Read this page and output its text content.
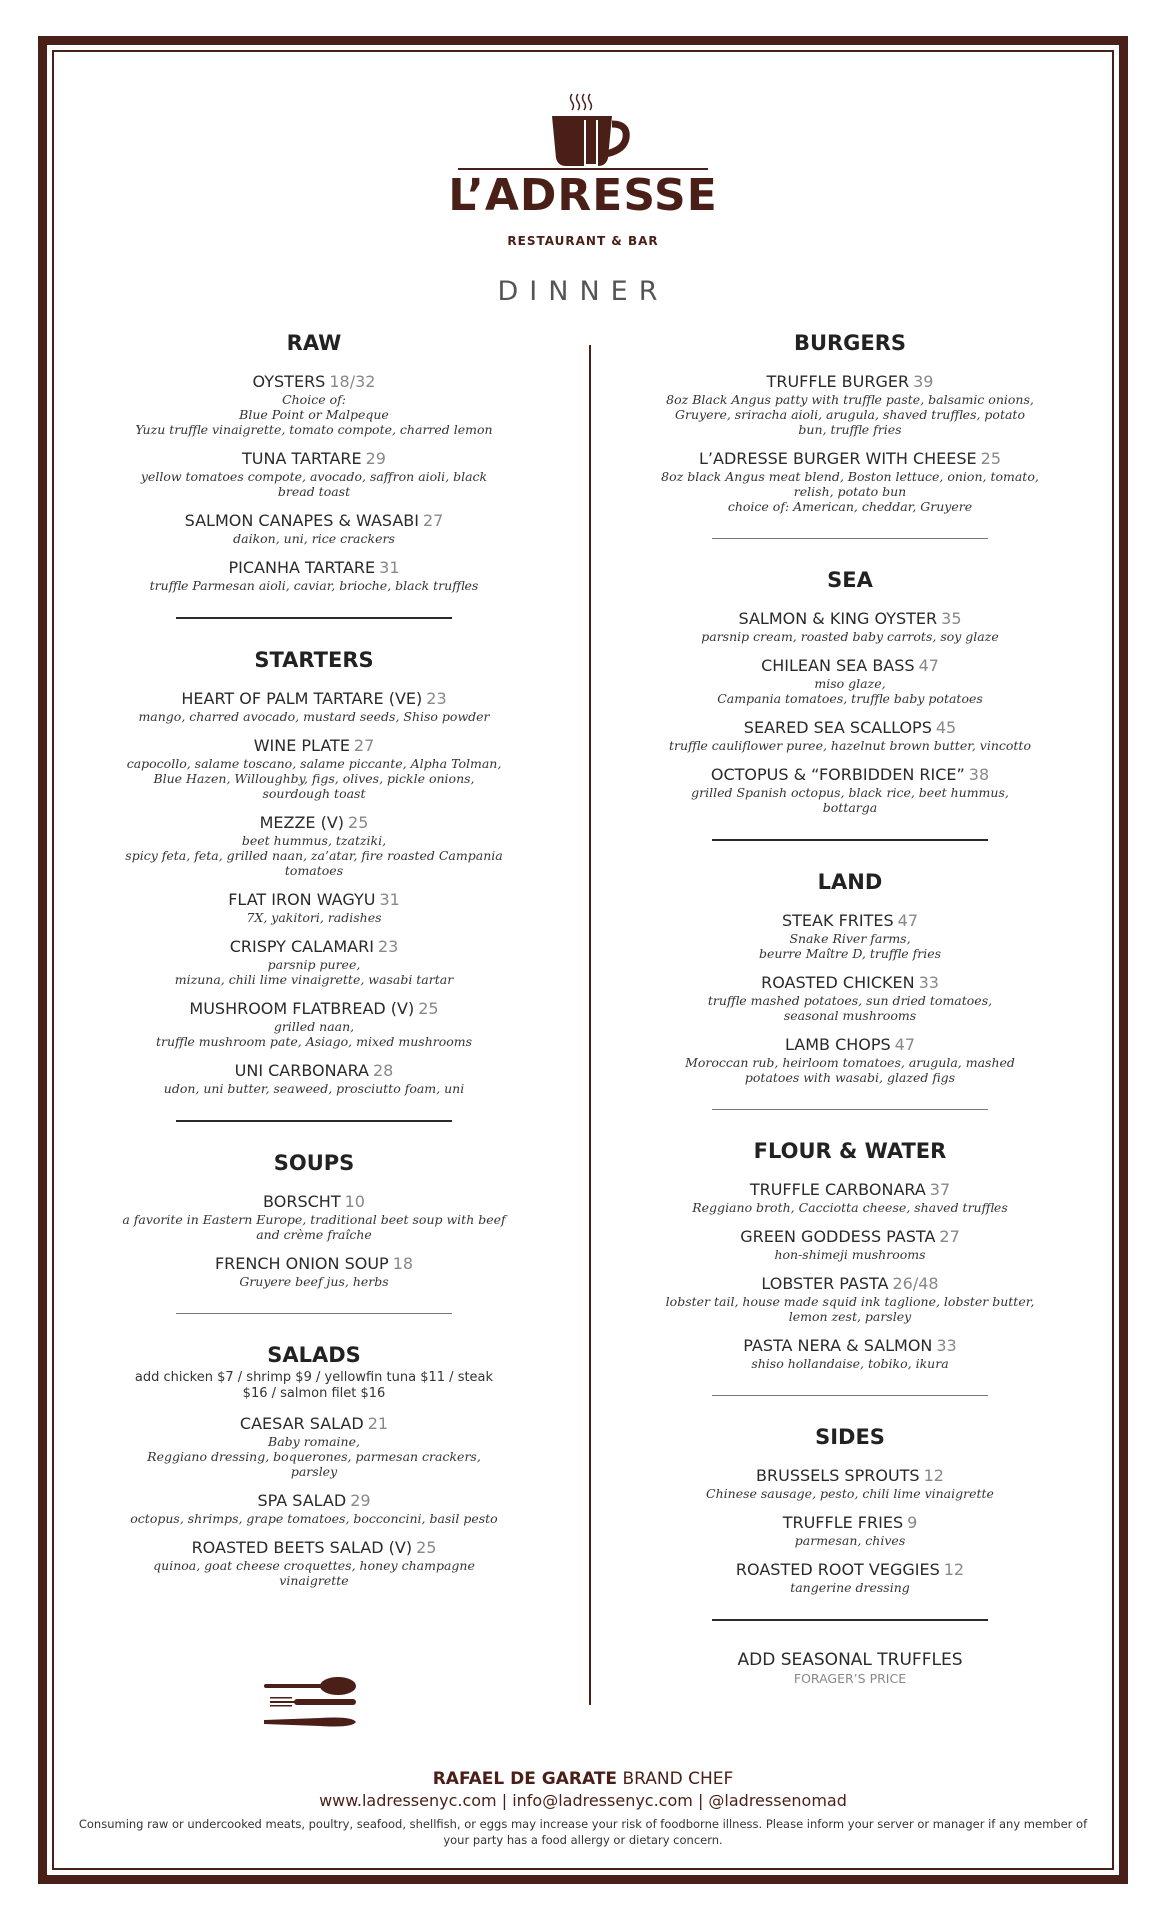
L’ADRESSE
RESTAURANT & BAR
DINNER
RAW
OYSTERS 18/32
Choice of:
Blue Point or Malpeque
Yuzu truffle vinaigrette, tomato compote, charred lemon
TUNA TARTARE 29
yellow tomatoes compote, avocado, saffron aioli, black
bread toast
SALMON CANAPES & WASABI 27
daikon, uni, rice crackers
PICANHA TARTARE 31
truffle Parmesan aioli, caviar, brioche, black truffles
STARTERS
HEART OF PALM TARTARE (VE) 23
mango, charred avocado, mustard seeds, Shiso powder
WINE PLATE 27
capocollo, salame toscano, salame piccante, Alpha Tolman,
Blue Hazen, Willoughby, figs, olives, pickle onions,
sourdough toast
MEZZE (V) 25
beet hummus, tzatziki,
spicy feta, feta, grilled naan, za’atar, fire roasted Campania
tomatoes
FLAT IRON WAGYU 31
7X, yakitori, radishes
CRISPY CALAMARI 23
parsnip puree,
mizuna, chili lime vinaigrette, wasabi tartar
MUSHROOM FLATBREAD (V) 25
grilled naan,
truffle mushroom pate, Asiago, mixed mushrooms
UNI CARBONARA 28
udon, uni butter, seaweed, prosciutto foam, uni
SOUPS
BORSCHT 10
a favorite in Eastern Europe, traditional beet soup with beef
and crème fraîche
FRENCH ONION SOUP 18
Gruyere beef jus, herbs
SALADS
add chicken $7 / shrimp $9 / yellowfin tuna $11 / steak
$16 / salmon filet $16
CAESAR SALAD 21
Baby romaine,
Reggiano dressing, boquerones, parmesan crackers,
parsley
SPA SALAD 29
octopus, shrimps, grape tomatoes, bocconcini, basil pesto
ROASTED BEETS SALAD (V) 25
quinoa, goat cheese croquettes, honey champagne
vinaigrette
BURGERS
TRUFFLE BURGER 39
8oz Black Angus patty with truffle paste, balsamic onions,
Gruyere, sriracha aioli, arugula, shaved truffles, potato
bun, truffle fries
L’ADRESSE BURGER WITH CHEESE 25
8oz black Angus meat blend, Boston lettuce, onion, tomato,
relish, potato bun
choice of: American, cheddar, Gruyere
SEA
SALMON & KING OYSTER 35
parsnip cream, roasted baby carrots, soy glaze
CHILEAN SEA BASS 47
miso glaze,
Campania tomatoes, truffle baby potatoes
SEARED SEA SCALLOPS 45
truffle cauliflower puree, hazelnut brown butter, vincotto
OCTOPUS & “FORBIDDEN RICE” 38
grilled Spanish octopus, black rice, beet hummus,
bottarga
LAND
STEAK FRITES 47
Snake River farms,
beurre Maître D, truffle fries
ROASTED CHICKEN 33
truffle mashed potatoes, sun dried tomatoes,
seasonal mushrooms
LAMB CHOPS 47
Moroccan rub, heirloom tomatoes, arugula, mashed
potatoes with wasabi, glazed figs
FLOUR & WATER
TRUFFLE CARBONARA 37
Reggiano broth, Cacciotta cheese, shaved truffles
GREEN GODDESS PASTA 27
hon-shimeji mushrooms
LOBSTER PASTA 26/48
lobster tail, house made squid ink taglione, lobster butter,
lemon zest, parsley
PASTA NERA & SALMON 33
shiso hollandaise, tobiko, ikura
SIDES
BRUSSELS SPROUTS 12
Chinese sausage, pesto, chili lime vinaigrette
TRUFFLE FRIES 9
parmesan, chives
ROASTED ROOT VEGGIES 12
tangerine dressing
ADD SEASONAL TRUFFLES
FORAGER’S PRICE
RAFAEL DE GARATE BRAND CHEF
www.ladressenyc.com | info@ladressenyc.com | @ladressenomad
Consuming raw or undercooked meats, poultry, seafood, shellfish, or eggs may increase your risk of foodborne illness. Please inform your server or manager if any member of your party has a food allergy or dietary concern.
